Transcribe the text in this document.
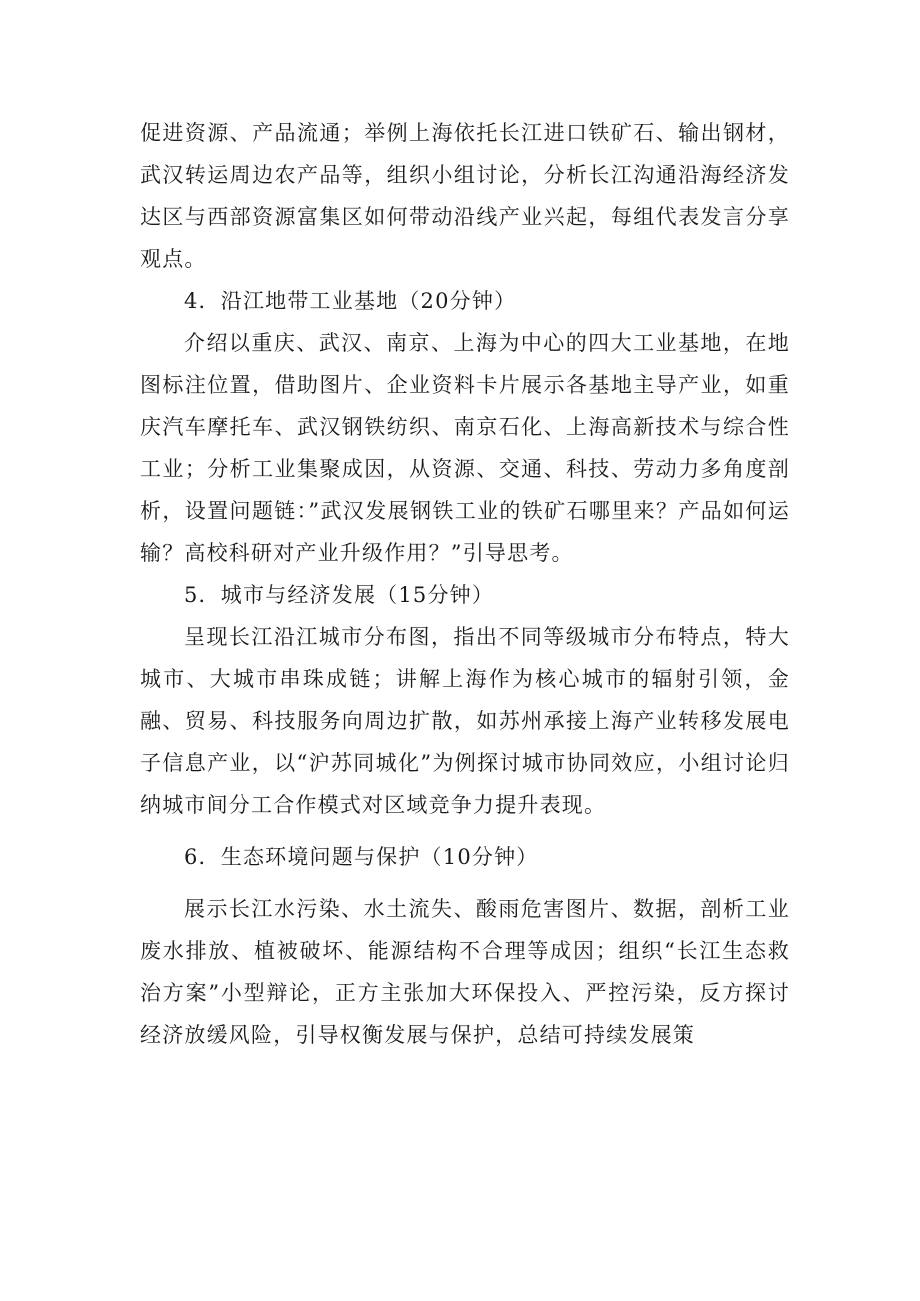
促进资源、产品流通；举例上海依托长江进口铁矿石、输出钢材，武汉转运周边农产品等，组织小组讨论，分析长江沟通沿海经济发达区与西部资源富集区如何带动沿线产业兴起，每组代表发言分享观点。

4．沿江地带工业基地（20分钟）

介绍以重庆、武汉、南京、上海为中心的四大工业基地，在地图标注位置，借助图片、企业资料卡片展示各基地主导产业，如重庆汽车摩托车、武汉钢铁纺织、南京石化、上海高新技术与综合性工业；分析工业集聚成因，从资源、交通、科技、劳动力多角度剖析，设置问题链：”武汉发展钢铁工业的铁矿石哪里来？产品如何运输？高校科研对产业升级作用？”引导思考。

5．城市与经济发展（15分钟）

呈现长江沿江城市分布图，指出不同等级城市分布特点，特大城市、大城市串珠成链；讲解上海作为核心城市的辐射引领，金融、贸易、科技服务向周边扩散，如苏州承接上海产业转移发展电子信息产业，以“沪苏同城化”为例探讨城市协同效应，小组讨论归纳城市间分工合作模式对区域竞争力提升表现。

6．生态环境问题与保护（10分钟）

展示长江水污染、水土流失、酸雨危害图片、数据，剖析工业废水排放、植被破坏、能源结构不合理等成因；组织“长江生态救治方案”小型辩论，正方主张加大环保投入、严控污染，反方探讨经济放缓风险，引导权衡发展与保护，总结可持续发展策
